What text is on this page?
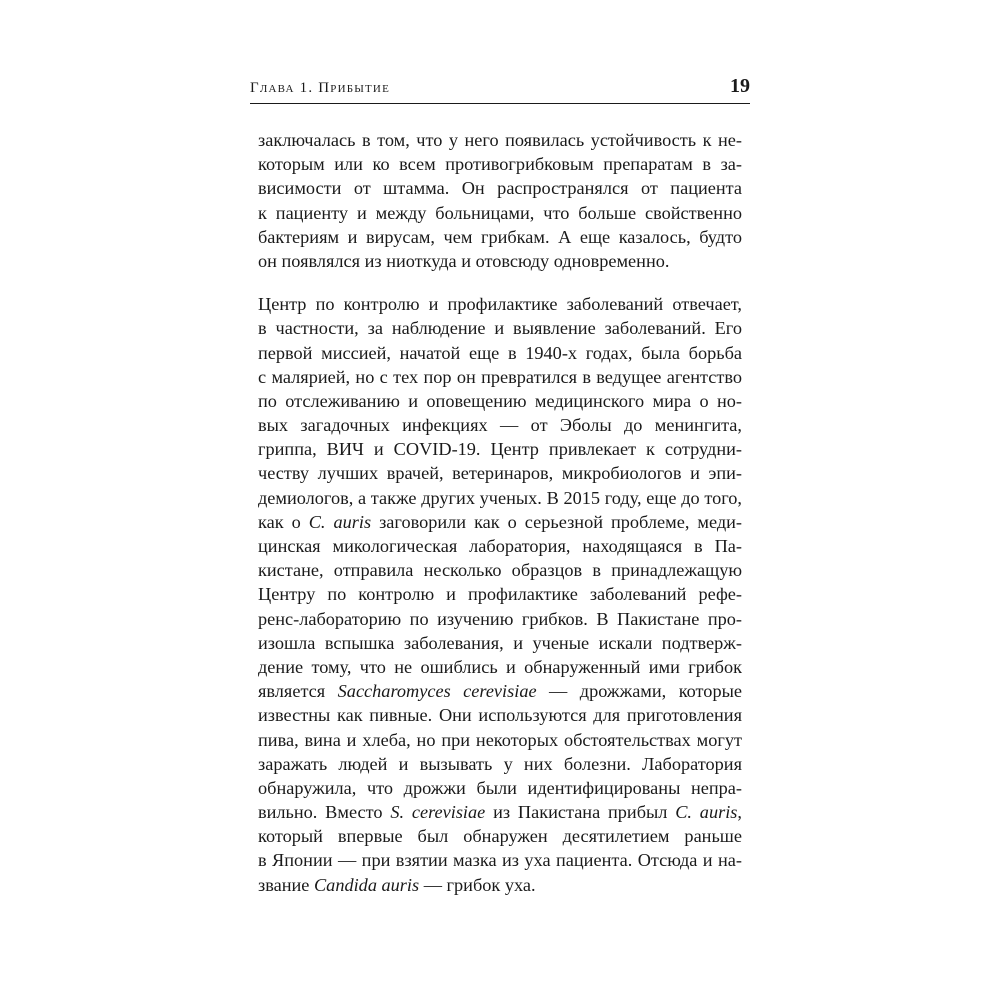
Глава 1. Прибытие	19
заключалась в том, что у него появилась устойчивость к не-
которым или ко всем противогрибковым препаратам в за-
висимости от штамма. Он распространялся от пациента
к пациенту и между больницами, что больше свойственно
бактериям и вирусам, чем грибкам. А еще казалось, будто
он появлялся из ниоткуда и отовсюду одновременно.
Центр по контролю и профилактике заболеваний отвечает,
в частности, за наблюдение и выявление заболеваний. Его
первой миссией, начатой еще в 1940-х годах, была борьба
с малярией, но с тех пор он превратился в ведущее агентство
по отслеживанию и оповещению медицинского мира о но-
вых загадочных инфекциях — от Эболы до менингита,
гриппа, ВИЧ и COVID-19. Центр привлекает к сотрудни-
честву лучших врачей, ветеринаров, микробиологов и эпи-
демиологов, а также других ученых. В 2015 году, еще до того,
как о C. auris заговорили как о серьезной проблеме, меди-
цинская микологическая лаборатория, находящаяся в Па-
кистане, отправила несколько образцов в принадлежащую
Центру по контролю и профилактике заболеваний рефе-
ренс-лабораторию по изучению грибков. В Пакистане про-
изошла вспышка заболевания, и ученые искали подтверж-
дение тому, что не ошиблись и обнаруженный ими грибок
является Saccharomyces cerevisiae — дрожжами, которые
известны как пивные. Они используются для приготовления
пива, вина и хлеба, но при некоторых обстоятельствах могут
заражать людей и вызывать у них болезни. Лаборатория
обнаружила, что дрожжи были идентифицированы непра-
вильно. Вместо S. cerevisiae из Пакистана прибыл C. auris,
который впервые был обнаружен десятилетием раньше
в Японии — при взятии мазка из уха пациента. Отсюда и на-
звание Candida auris — грибок уха.
